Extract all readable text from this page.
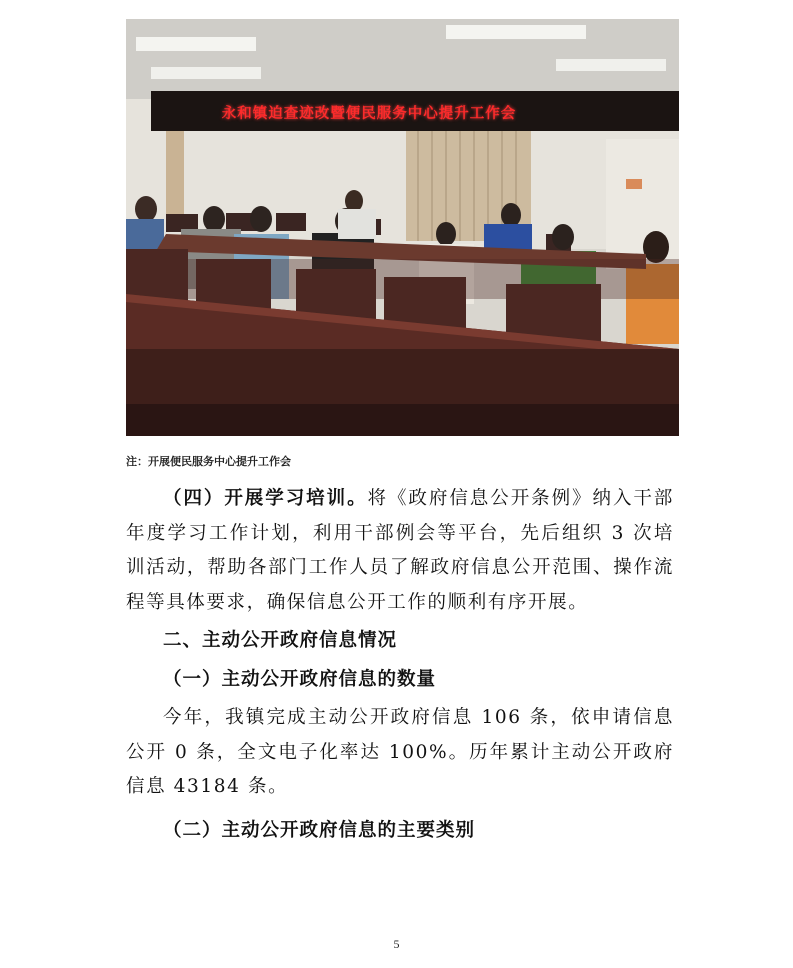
永和镇迫查迹改暨便民服务中心提升工作会
注：开展便民服务中心提升工作会

（四）开展学习培训。将《政府信息公开条例》纳入干部年度学习工作计划，利用干部例会等平台，先后组织 3 次培训活动，帮助各部门工作人员了解政府信息公开范围、操作流程等具体要求，确保信息公开工作的顺利有序开展。

二、主动公开政府信息情况
（一）主动公开政府信息的数量

今年，我镇完成主动公开政府信息 106 条，依申请信息公开 0 条，全文电子化率达 100%。历年累计主动公开政府信息 43184 条。

（二）主动公开政府信息的主要类别
5
